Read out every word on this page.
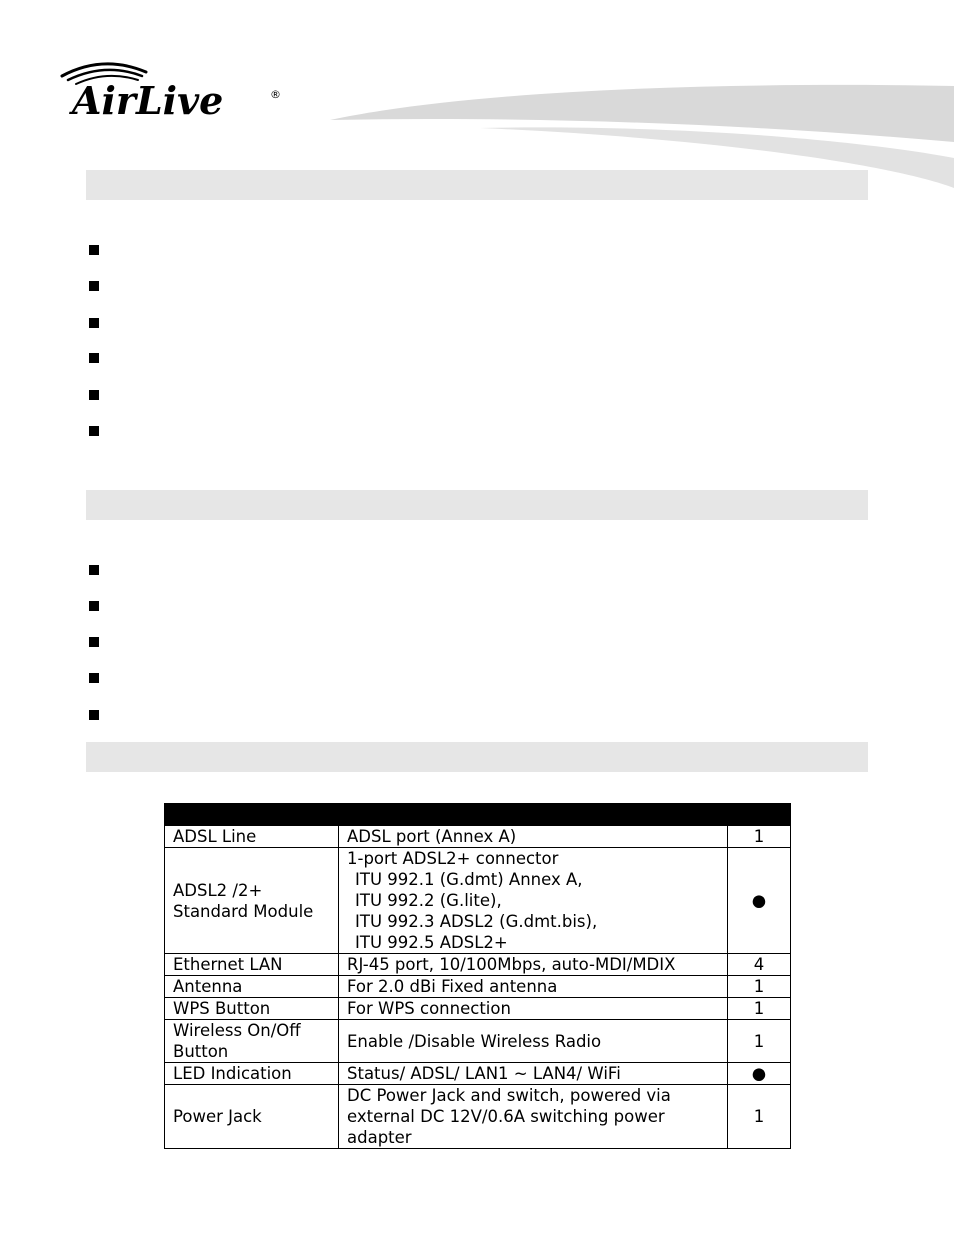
AirLive	®

ADSL Line	ADSL port (Annex A)	1

ADSL2 /2+
Standard Module	1-port ADSL2+ connector
ITU 992.1 (G.dmt) Annex A,
ITU 992.2 (G.lite),
ITU 992.3 ADSL2 (G.dmt.bis),
ITU 992.5 ADSL2+	●

Ethernet LAN	RJ-45 port, 10/100Mbps, auto-MDI/MDIX	4

Antenna	For 2.0 dBi Fixed antenna	1

WPS Button	For WPS connection	1

Wireless On/Off
Button	Enable /Disable Wireless Radio	1

LED Indication	Status/ ADSL/ LAN1 ~ LAN4/ WiFi	●

Power Jack	DC Power Jack and switch, powered via
external DC 12V/0.6A switching power
adapter	1
